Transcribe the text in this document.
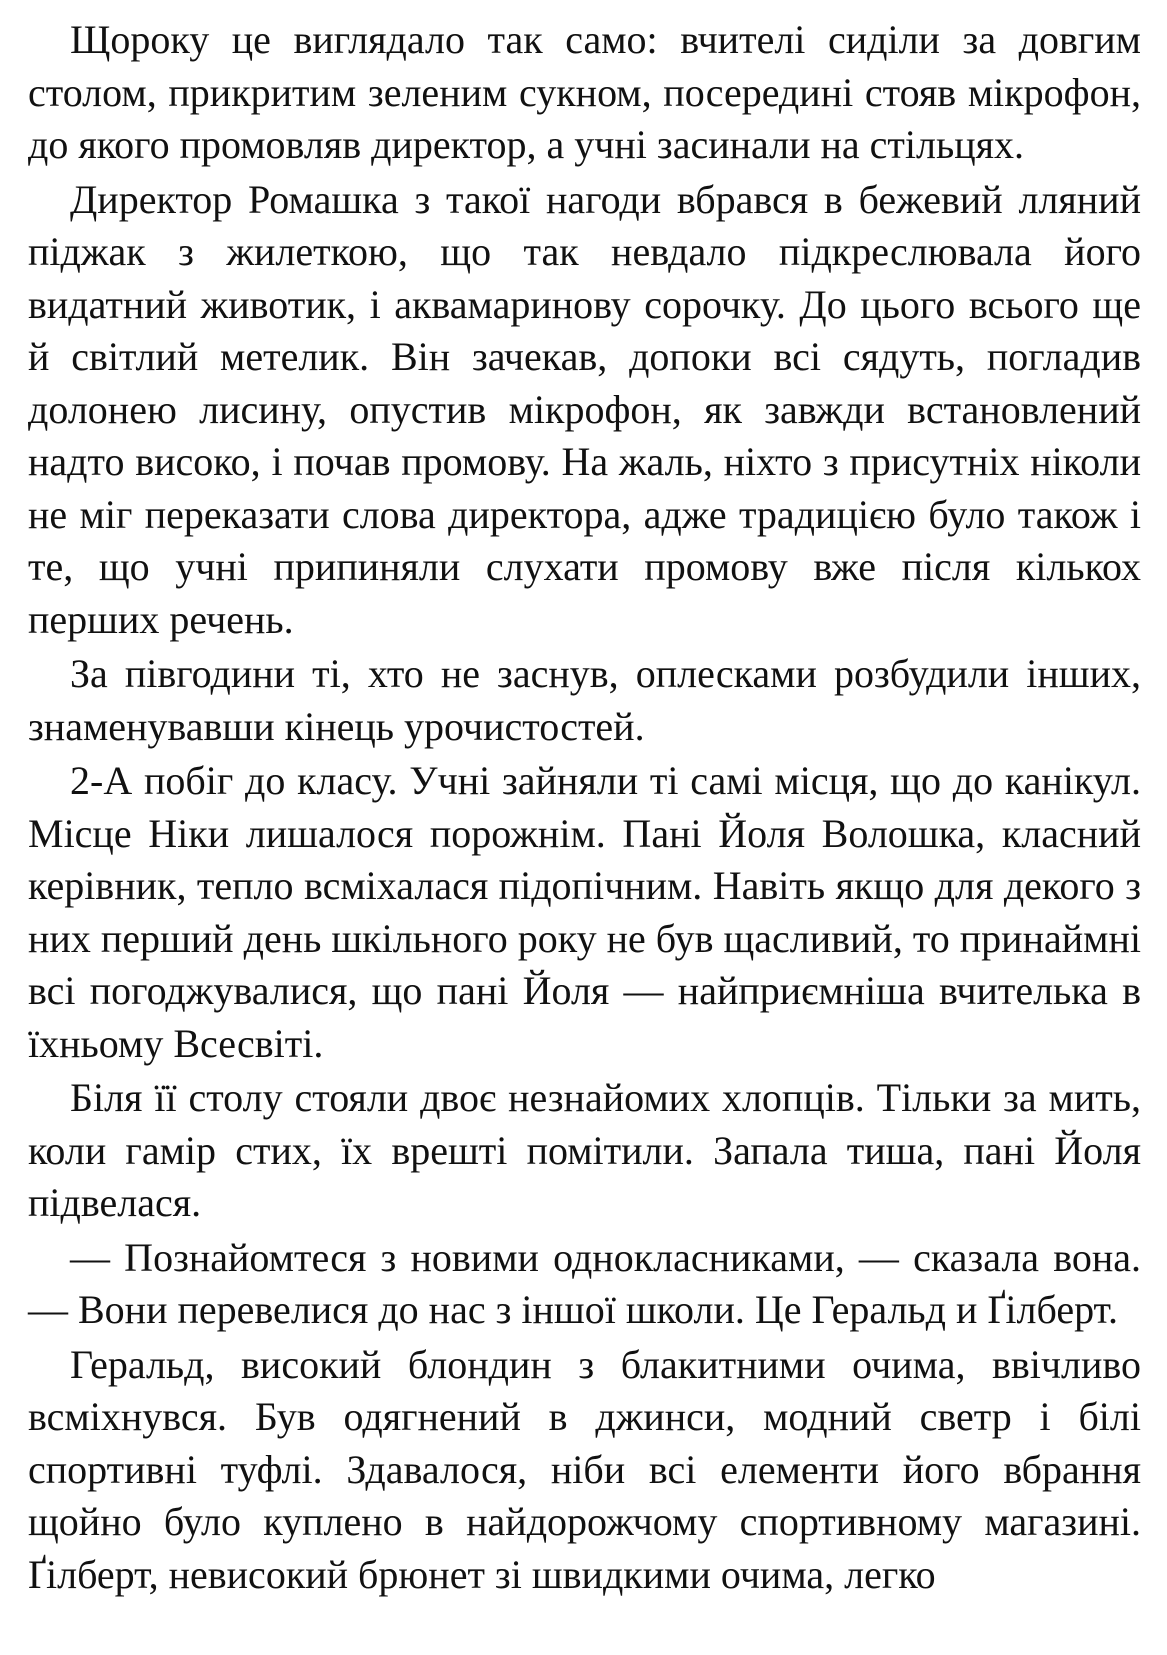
Щороку це виглядало так само: вчителі сиділи за довгим столом, прикритим зеленим сукном, посередині стояв мікрофон, до якого промовляв директор, а учні засинали на стільцях.

Директор Ромашка з такої нагоди вбрався в бежевий лляний піджак з жилеткою, що так невдало підкреслювала його видатний животик, і аквамаринову сорочку. До цього всього ще й світлий метелик. Він зачекав, допоки всі сядуть, погладив долонею лисину, опустив мікрофон, як завжди встановлений надто високо, і почав промову. На жаль, ніхто з присутніх ніколи не міг переказати слова директора, адже традицією було також і те, що учні припиняли слухати промову вже після кількох перших речень.

За півгодини ті, хто не заснув, оплесками розбудили інших, знаменувавши кінець урочистостей.

2-А побіг до класу. Учні зайняли ті самі місця, що до канікул. Місце Ніки лишалося порожнім. Пані Йоля Волошка, класний керівник, тепло всміхалася підопічним. Навіть якщо для декого з них перший день шкільного року не був щасливий, то принаймні всі погоджувалися, що пані Йоля — найприємніша вчителька в їхньому Всесвіті.

Біля її столу стояли двоє незнайомих хлопців. Тільки за мить, коли гамір стих, їх врешті помітили. Запала тиша, пані Йоля підвелася.

— Познайомтеся з новими однокласниками, — сказала вона. — Вони перевелися до нас з іншої школи. Це Геральд и Ґілберт.

Геральд, високий блондин з блакитними очима, ввічливо всміхнувся. Був одягнений в джинси, модний светр і білі спортивні туфлі. Здавалося, ніби всі елементи його вбрання щойно було куплено в найдорожчому спортивному магазині. Ґілберт, невисокий брюнет зі швидкими очима, легко
